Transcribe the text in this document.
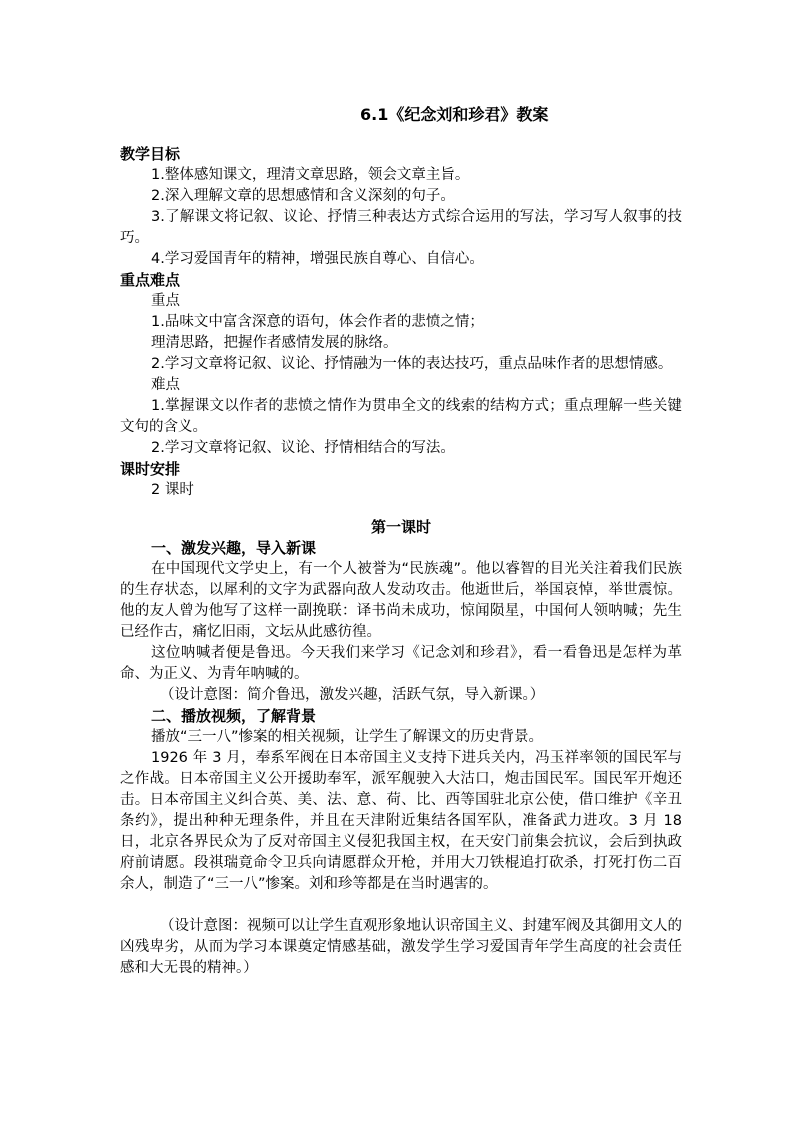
6.1《纪念刘和珍君》教案
教学目标

1.整体感知课文，理清文章思路，领会文章主旨。

2.深入理解文章的思想感情和含义深刻的句子。

3.了解课文将记叙、议论、抒情三种表达方式综合运用的写法，学习写人叙事的技巧。

4.学习爱国青年的精神，增强民族自尊心、自信心。

重点难点

重点

1.品味文中富含深意的语句，体会作者的悲愤之情；

理清思路，把握作者感情发展的脉络。

2.学习文章将记叙、议论、抒情融为一体的表达技巧，重点品味作者的思想情感。

难点

1.掌握课文以作者的悲愤之情作为贯串全文的线索的结构方式；重点理解一些关键文句的含义。

2.学习文章将记叙、议论、抒情相结合的写法。

课时安排

2 课时

第一课时
一、激发兴趣，导入新课

在中国现代文学史上，有一个人被誉为“民族魂”。他以睿智的目光关注着我们民族的生存状态，以犀利的文字为武器向敌人发动攻击。他逝世后，举国哀悼，举世震惊。他的友人曾为他写了这样一副挽联：译书尚未成功，惊闻陨星，中国何人领呐喊；先生已经作古，痛忆旧雨，文坛从此感彷徨。

这位呐喊者便是鲁迅。今天我们来学习《记念刘和珍君》，看一看鲁迅是怎样为革命、为正义、为青年呐喊的。

（设计意图：简介鲁迅，激发兴趣，活跃气氛，导入新课。）

二、播放视频，了解背景

播放“三一八”惨案的相关视频，让学生了解课文的历史背景。

1926 年 3 月，奉系军阀在日本帝国主义支持下进兵关内，冯玉祥率领的国民军与之作战。日本帝国主义公开援助奉军，派军舰驶入大沽口，炮击国民军。国民军开炮还击。日本帝国主义纠合英、美、法、意、荷、比、西等国驻北京公使，借口维护《辛丑条约》，提出种种无理条件，并且在天津附近集结各国军队，准备武力进攻。3 月 18 日，北京各界民众为了反对帝国主义侵犯我国主权，在天安门前集会抗议，会后到执政府前请愿。段祺瑞竟命令卫兵向请愿群众开枪，并用大刀铁棍追打砍杀，打死打伤二百余人，制造了“三一八”惨案。刘和珍等都是在当时遇害的。

（设计意图：视频可以让学生直观形象地认识帝国主义、封建军阀及其御用文人的凶残卑劣，从而为学习本课奠定情感基础，激发学生学习爱国青年学生高度的社会责任感和大无畏的精神。）
